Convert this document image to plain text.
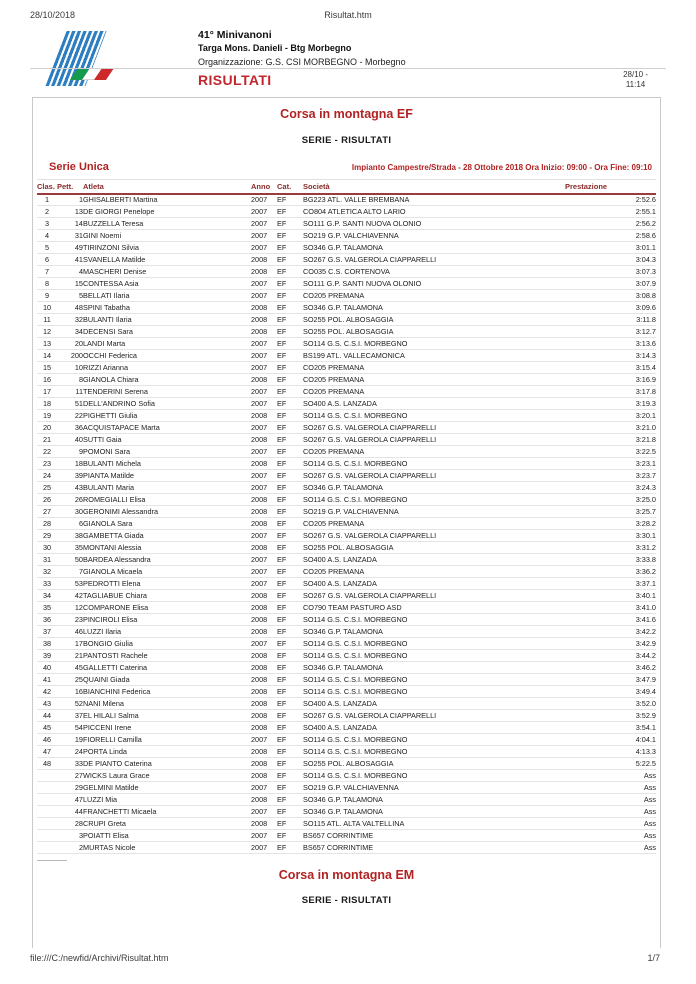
28/10/2018	Risultat.htm
41° Minivanoni
Targa Mons. Danieli - Btg Morbegno
Organizzazione: G.S. CSI MORBEGNO - Morbegno
RISULTATI	28/10 -
11:14
Corsa in montagna EF
SERIE - RISULTATI
Serie Unica	Impianto Campestre/Strada - 28 Ottobre 2018 Ora Inizio: 09:00 - Ora Fine: 09:10
Clas.	Pett.	Atleta	Anno	Cat.	Società	Prestazione
1	1	GHISALBERTI Martina	2007	EF	BG223 ATL. VALLE BREMBANA	2:52.6
2	13	DE GIORGI Penelope	2007	EF	CO804 ATLETICA ALTO LARIO	2:55.1
3	14	BUZZELLA Teresa	2007	EF	SO111 G.P. SANTI NUOVA OLONIO	2:56.2
4	31	GINI Noemi	2007	EF	SO219 G.P. VALCHIAVENNA	2:58.6
5	49	TIRINZONI Silvia	2007	EF	SO346 G.P. TALAMONA	3:01.1
6	41	SVANELLA Matilde	2008	EF	SO267 G.S. VALGEROLA CIAPPARELLI	3:04.3
7	4	MASCHERI Denise	2008	EF	CO035 C.S. CORTENOVA	3:07.3
8	15	CONTESSA Asia	2007	EF	SO111 G.P. SANTI NUOVA OLONIO	3:07.9
9	5	BELLATI Ilaria	2007	EF	CO205 PREMANA	3:08.8
10	48	SPINI Tabatha	2008	EF	SO346 G.P. TALAMONA	3:09.6
11	32	BULANTI Ilaria	2008	EF	SO255 POL. ALBOSAGGIA	3:11.8
12	34	DECENSI Sara	2008	EF	SO255 POL. ALBOSAGGIA	3:12.7
13	20	LANDI Marta	2007	EF	SO114 G.S. C.S.I. MORBEGNO	3:13.6
14	200	OCCHI Federica	2007	EF	BS199 ATL. VALLECAMONICA	3:14.3
15	10	RIZZI Arianna	2007	EF	CO205 PREMANA	3:15.4
16	8	GIANOLA Chiara	2008	EF	CO205 PREMANA	3:16.9
17	11	TENDERINI Serena	2007	EF	CO205 PREMANA	3:17.8
18	51	DELL'ANDRINO Sofia	2007	EF	SO400 A.S. LANZADA	3:19.3
19	22	PIGHETTI Giulia	2008	EF	SO114 G.S. C.S.I. MORBEGNO	3:20.1
20	36	ACQUISTAPACE Marta	2007	EF	SO267 G.S. VALGEROLA CIAPPARELLI	3:21.0
21	40	SUTTI Gaia	2008	EF	SO267 G.S. VALGEROLA CIAPPARELLI	3:21.8
22	9	POMONI Sara	2007	EF	CO205 PREMANA	3:22.5
23	18	BULANTI Michela	2008	EF	SO114 G.S. C.S.I. MORBEGNO	3:23.1
24	39	PIANTA Matilde	2007	EF	SO267 G.S. VALGEROLA CIAPPARELLI	3:23.7
25	43	BULANTI Maria	2007	EF	SO346 G.P. TALAMONA	3:24.3
26	26	ROMEGIALLI Elisa	2008	EF	SO114 G.S. C.S.I. MORBEGNO	3:25.0
27	30	GERONIMI Alessandra	2008	EF	SO219 G.P. VALCHIAVENNA	3:25.7
28	6	GIANOLA Sara	2008	EF	CO205 PREMANA	3:28.2
29	38	GAMBETTA Giada	2007	EF	SO267 G.S. VALGEROLA CIAPPARELLI	3:30.1
30	35	MONTANI Alessia	2008	EF	SO255 POL. ALBOSAGGIA	3:31.2
31	50	BARDEA Alessandra	2007	EF	SO400 A.S. LANZADA	3:33.8
32	7	GIANOLA Micaela	2007	EF	CO205 PREMANA	3:36.2
33	53	PEDROTTI Elena	2007	EF	SO400 A.S. LANZADA	3:37.1
34	42	TAGLIABUE Chiara	2008	EF	SO267 G.S. VALGEROLA CIAPPARELLI	3:40.1
35	12	COMPARONE Elisa	2008	EF	CO790 TEAM PASTURO ASD	3:41.0
36	23	PINCIROLI Elisa	2008	EF	SO114 G.S. C.S.I. MORBEGNO	3:41.6
37	46	LUZZI Ilaria	2008	EF	SO346 G.P. TALAMONA	3:42.2
38	17	BONGIO Giulia	2007	EF	SO114 G.S. C.S.I. MORBEGNO	3:42.9
39	21	PANTOSTI Rachele	2008	EF	SO114 G.S. C.S.I. MORBEGNO	3:44.2
40	45	GALLETTI Caterina	2008	EF	SO346 G.P. TALAMONA	3:46.2
41	25	QUAINI Giada	2008	EF	SO114 G.S. C.S.I. MORBEGNO	3:47.9
42	16	BIANCHINI Federica	2008	EF	SO114 G.S. C.S.I. MORBEGNO	3:49.4
43	52	NANI Milena	2008	EF	SO400 A.S. LANZADA	3:52.0
44	37	EL HILALI Salma	2008	EF	SO267 G.S. VALGEROLA CIAPPARELLI	3:52.9
45	54	PICCENI Irene	2008	EF	SO400 A.S. LANZADA	3:54.1
46	19	FIORELLI Camilla	2007	EF	SO114 G.S. C.S.I. MORBEGNO	4:04.1
47	24	PORTA Linda	2008	EF	SO114 G.S. C.S.I. MORBEGNO	4:13.3
48	33	DE PIANTO Caterina	2008	EF	SO255 POL. ALBOSAGGIA	5:22.5
	27	WICKS Laura Grace	2008	EF	SO114 G.S. C.S.I. MORBEGNO	Ass
	29	GELMINI Matilde	2007	EF	SO219 G.P. VALCHIAVENNA	Ass
	47	LUZZI Mia	2008	EF	SO346 G.P. TALAMONA	Ass
	44	FRANCHETTI Micaela	2007	EF	SO346 G.P. TALAMONA	Ass
	28	CRUPI Greta	2008	EF	SO115 ATL. ALTA VALTELLINA	Ass
	3	POIATTI Elisa	2007	EF	BS657 CORRINTIME	Ass
	2	MURTAS Nicole	2007	EF	BS657 CORRINTIME	Ass
Corsa in montagna EM
SERIE - RISULTATI
file:///C:/newfid/Archivi/Risultat.htm	1/7
